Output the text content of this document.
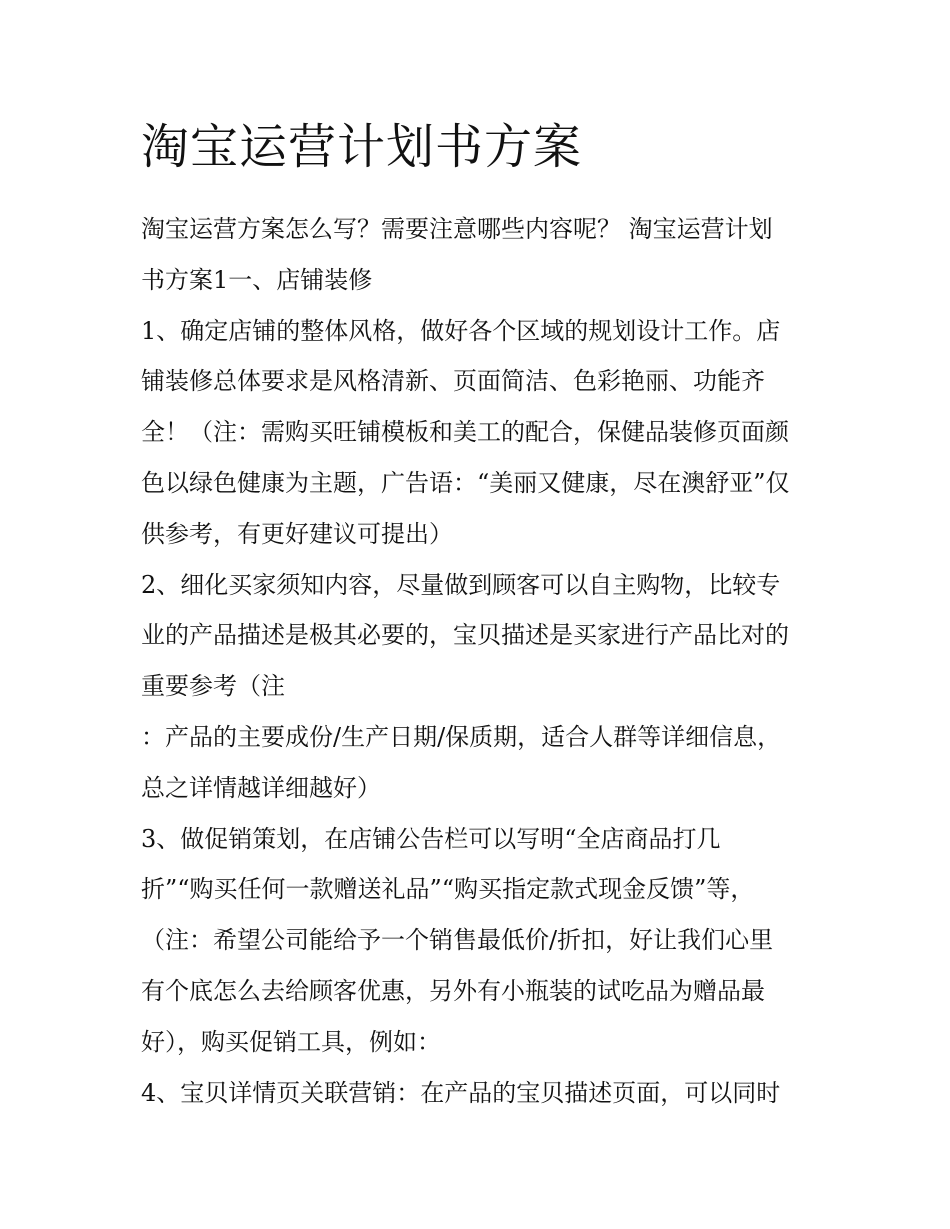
淘宝运营计划书方案

淘宝运营方案怎么写？需要注意哪些内容呢？ 淘宝运营计划

书方案1一、店铺装修

1、确定店铺的整体风格，做好各个区域的规划设计工作。店

铺装修总体要求是风格清新、页面简洁、色彩艳丽、功能齐

全！（注：需购买旺铺模板和美工的配合，保健品装修页面颜

色以绿色健康为主题，广告语：“美丽又健康，尽在澳舒亚”仅

供参考，有更好建议可提出）

2、细化买家须知内容，尽量做到顾客可以自主购物，比较专

业的产品描述是极其必要的，宝贝描述是买家进行产品比对的

重要参考（注

：产品的主要成份/生产日期/保质期，适合人群等详细信息，

总之详情越详细越好）

3、做促销策划，在店铺公告栏可以写明“全店商品打几

折”“购买任何一款赠送礼品”“购买指定款式现金反馈”等，

（注：希望公司能给予一个销售最低价/折扣，好让我们心里

有个底怎么去给顾客优惠，另外有小瓶装的试吃品为赠品最

好），购买促销工具，例如：

4、宝贝详情页关联营销：在产品的宝贝描述页面，可以同时
